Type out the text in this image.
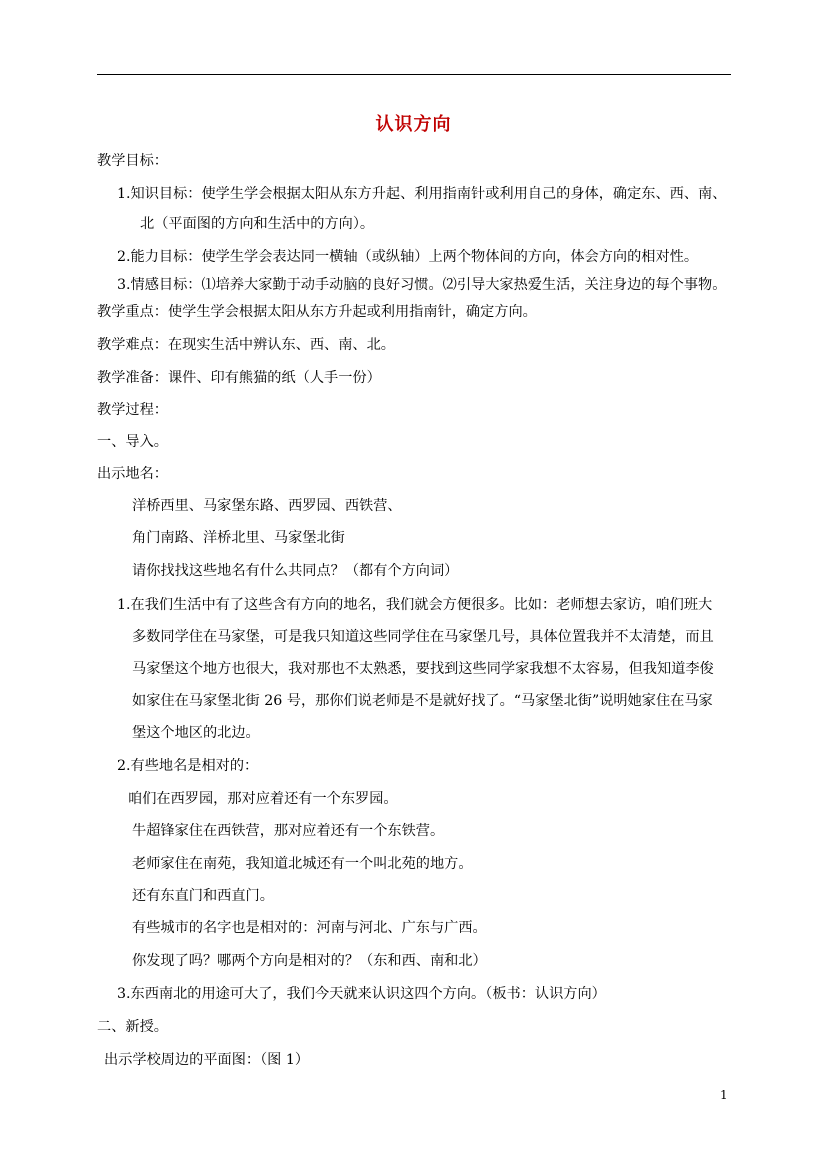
认识方向
教学目标：
1.知识目标：使学生学会根据太阳从东方升起、利用指南针或利用自己的身体，确定东、西、南、
北（平面图的方向和生活中的方向）。
2.能力目标：使学生学会表达同一横轴（或纵轴）上两个物体间的方向，体会方向的相对性。
3.情感目标：⑴培养大家勤于动手动脑的良好习惯。⑵引导大家热爱生活，关注身边的每个事物。
教学重点：使学生学会根据太阳从东方升起或利用指南针，确定方向。
教学难点：在现实生活中辨认东、西、南、北。
教学准备：课件、印有熊猫的纸（人手一份）
教学过程：
一、导入。
出示地名：
洋桥西里、马家堡东路、西罗园、西铁营、
角门南路、洋桥北里、马家堡北街
请你找找这些地名有什么共同点？（都有个方向词）
1.在我们生活中有了这些含有方向的地名，我们就会方便很多。比如：老师想去家访，咱们班大
多数同学住在马家堡，可是我只知道这些同学住在马家堡几号，具体位置我并不太清楚，而且
马家堡这个地方也很大，我对那也不太熟悉，要找到这些同学家我想不太容易，但我知道李俊
如家住在马家堡北街 26 号，那你们说老师是不是就好找了。“马家堡北街”说明她家住在马家
堡这个地区的北边。
2.有些地名是相对的：
咱们在西罗园，那对应着还有一个东罗园。
牛超锋家住在西铁营，那对应着还有一个东铁营。
老师家住在南苑，我知道北城还有一个叫北苑的地方。
还有东直门和西直门。
有些城市的名字也是相对的：河南与河北、广东与广西。
你发现了吗？哪两个方向是相对的？（东和西、南和北）
3.东西南北的用途可大了，我们今天就来认识这四个方向。（板书：认识方向）
二、新授。
出示学校周边的平面图：（图 1）
1
